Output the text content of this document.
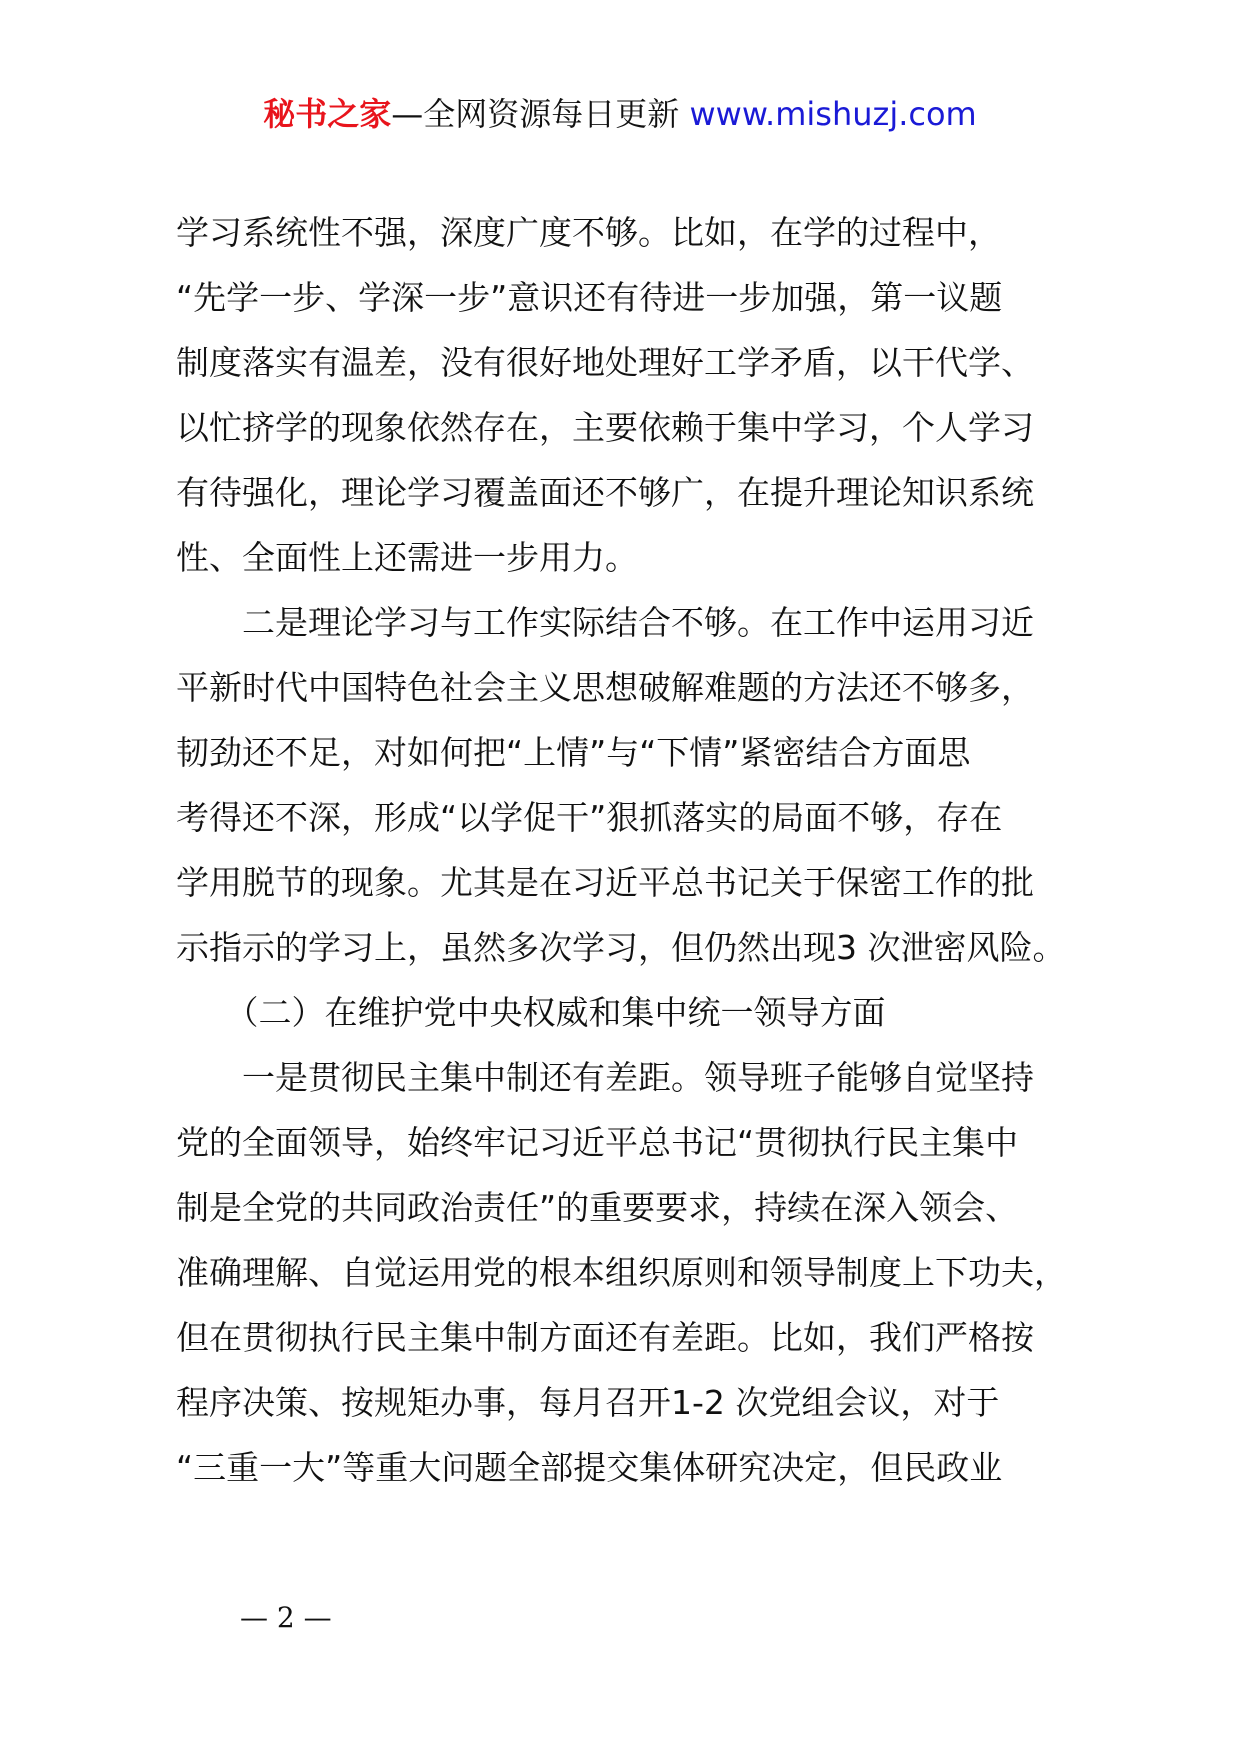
秘书之家—全网资源每日更新 www.mishuzj.com
学习系统性不强，深度广度不够。比如，在学的过程中，
“先学一步、学深一步”意识还有待进一步加强，第一议题
制度落实有温差，没有很好地处理好工学矛盾，以干代学、
以忙挤学的现象依然存在，主要依赖于集中学习，个人学习
有待强化，理论学习覆盖面还不够广，在提升理论知识系统
性、全面性上还需进一步用力。
　　二是理论学习与工作实际结合不够。在工作中运用习近
平新时代中国特色社会主义思想破解难题的方法还不够多，
韧劲还不足，对如何把“上情”与“下情”紧密结合方面思
考得还不深，形成“以学促干”狠抓落实的局面不够，存在
学用脱节的现象。尤其是在习近平总书记关于保密工作的批
示指示的学习上，虽然多次学习，但仍然出现3 次泄密风险。
　　（二）在维护党中央权威和集中统一领导方面
　　一是贯彻民主集中制还有差距。领导班子能够自觉坚持
党的全面领导，始终牢记习近平总书记“贯彻执行民主集中
制是全党的共同政治责任”的重要要求，持续在深入领会、
准确理解、自觉运用党的根本组织原则和领导制度上下功夫，
但在贯彻执行民主集中制方面还有差距。比如，我们严格按
程序决策、按规矩办事，每月召开1-2 次党组会议，对于
“三重一大”等重大问题全部提交集体研究决定，但民政业
— 2 —
